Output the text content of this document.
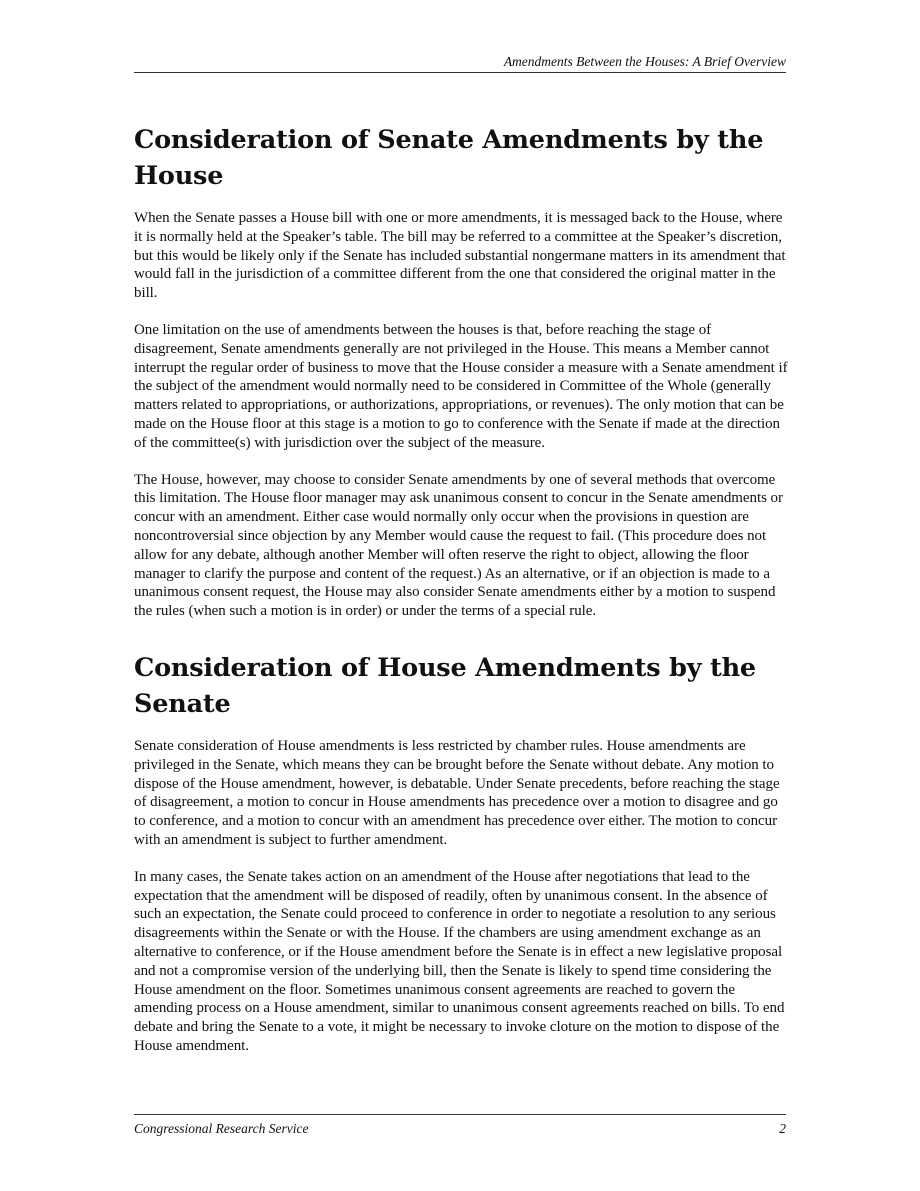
Amendments Between the Houses: A Brief Overview
Consideration of Senate Amendments by the House

When the Senate passes a House bill with one or more amendments, it is messaged back to the House, where it is normally held at the Speaker’s table. The bill may be referred to a committee at the Speaker’s discretion, but this would be likely only if the Senate has included substantial nongermane matters in its amendment that would fall in the jurisdiction of a committee different from the one that considered the original matter in the bill.

One limitation on the use of amendments between the houses is that, before reaching the stage of disagreement, Senate amendments generally are not privileged in the House. This means a Member cannot interrupt the regular order of business to move that the House consider a measure with a Senate amendment if the subject of the amendment would normally need to be considered in Committee of the Whole (generally matters related to appropriations, or authorizations, appropriations, or revenues). The only motion that can be made on the House floor at this stage is a motion to go to conference with the Senate if made at the direction of the committee(s) with jurisdiction over the subject of the measure.

The House, however, may choose to consider Senate amendments by one of several methods that overcome this limitation. The House floor manager may ask unanimous consent to concur in the Senate amendments or concur with an amendment. Either case would normally only occur when the provisions in question are noncontroversial since objection by any Member would cause the request to fail. (This procedure does not allow for any debate, although another Member will often reserve the right to object, allowing the floor manager to clarify the purpose and content of the request.) As an alternative, or if an objection is made to a unanimous consent request, the House may also consider Senate amendments either by a motion to suspend the rules (when such a motion is in order) or under the terms of a special rule.

Consideration of House Amendments by the Senate

Senate consideration of House amendments is less restricted by chamber rules. House amendments are privileged in the Senate, which means they can be brought before the Senate without debate. Any motion to dispose of the House amendment, however, is debatable. Under Senate precedents, before reaching the stage of disagreement, a motion to concur in House amendments has precedence over a motion to disagree and go to conference, and a motion to concur with an amendment has precedence over either. The motion to concur with an amendment is subject to further amendment.

In many cases, the Senate takes action on an amendment of the House after negotiations that lead to the expectation that the amendment will be disposed of readily, often by unanimous consent. In the absence of such an expectation, the Senate could proceed to conference in order to negotiate a resolution to any serious disagreements within the Senate or with the House. If the chambers are using amendment exchange as an alternative to conference, or if the House amendment before the Senate is in effect a new legislative proposal and not a compromise version of the underlying bill, then the Senate is likely to spend time considering the House amendment on the floor. Sometimes unanimous consent agreements are reached to govern the amending process on a House amendment, similar to unanimous consent agreements reached on bills. To end debate and bring the Senate to a vote, it might be necessary to invoke cloture on the motion to dispose of the House amendment.

Congressional Research Service	2
